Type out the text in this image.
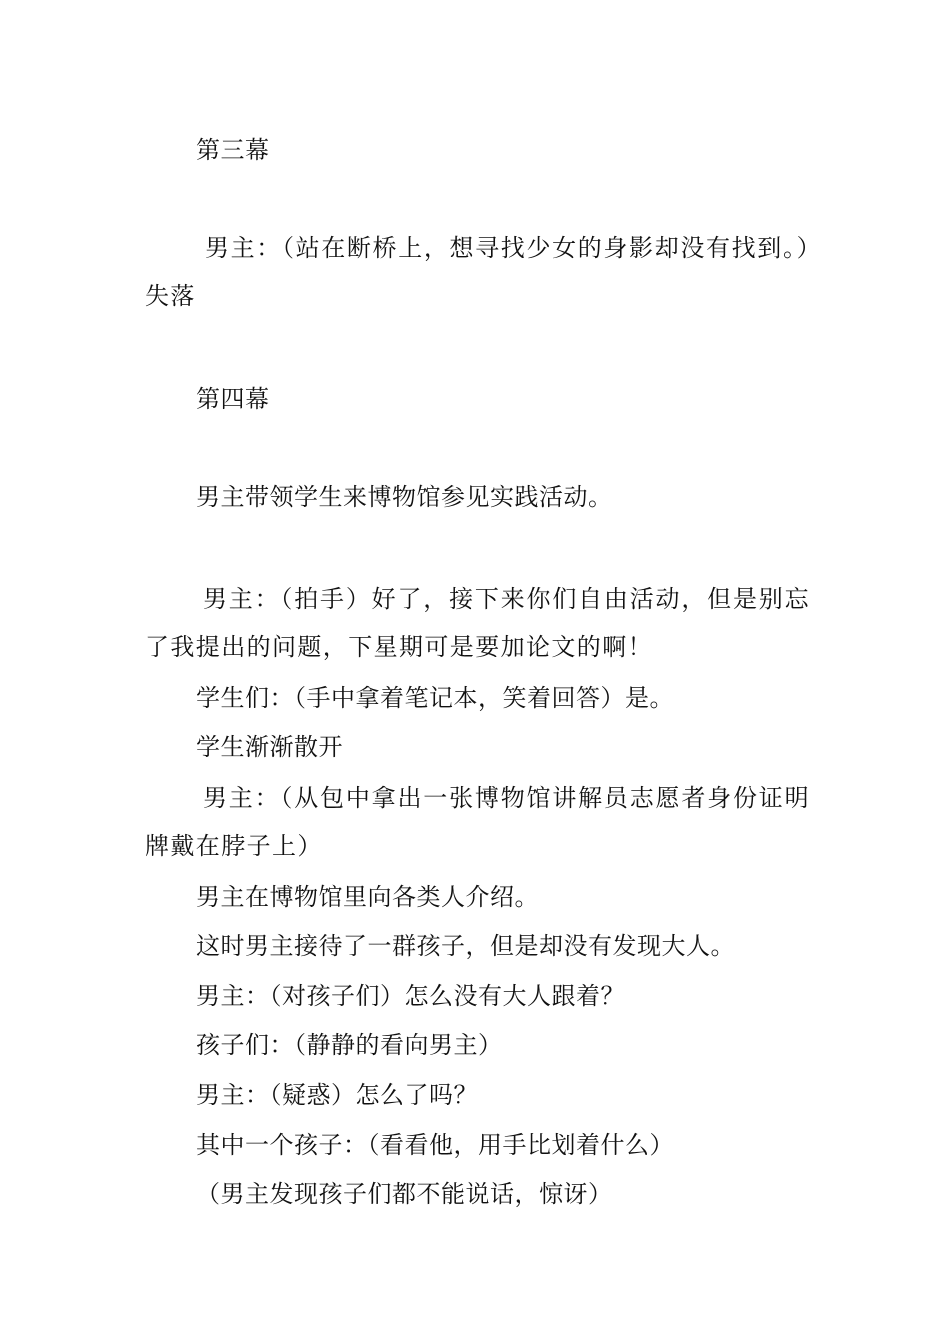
第三幕
男主：（站在断桥上，想寻找少女的身影却没有找到。）失落
第四幕
男主带领学生来博物馆参见实践活动。
男主：（拍手）好了，接下来你们自由活动，但是别忘了我提出的问题，下星期可是要加论文的啊！
学生们：（手中拿着笔记本，笑着回答）是。
学生渐渐散开
男主：（从包中拿出一张博物馆讲解员志愿者身份证明牌戴在脖子上）
男主在博物馆里向各类人介绍。
这时男主接待了一群孩子，但是却没有发现大人。
男主：（对孩子们）怎么没有大人跟着？
孩子们：（静静的看向男主）
男主：（疑惑）怎么了吗？
其中一个孩子：（看看他，用手比划着什么）
（男主发现孩子们都不能说话，惊讶）
